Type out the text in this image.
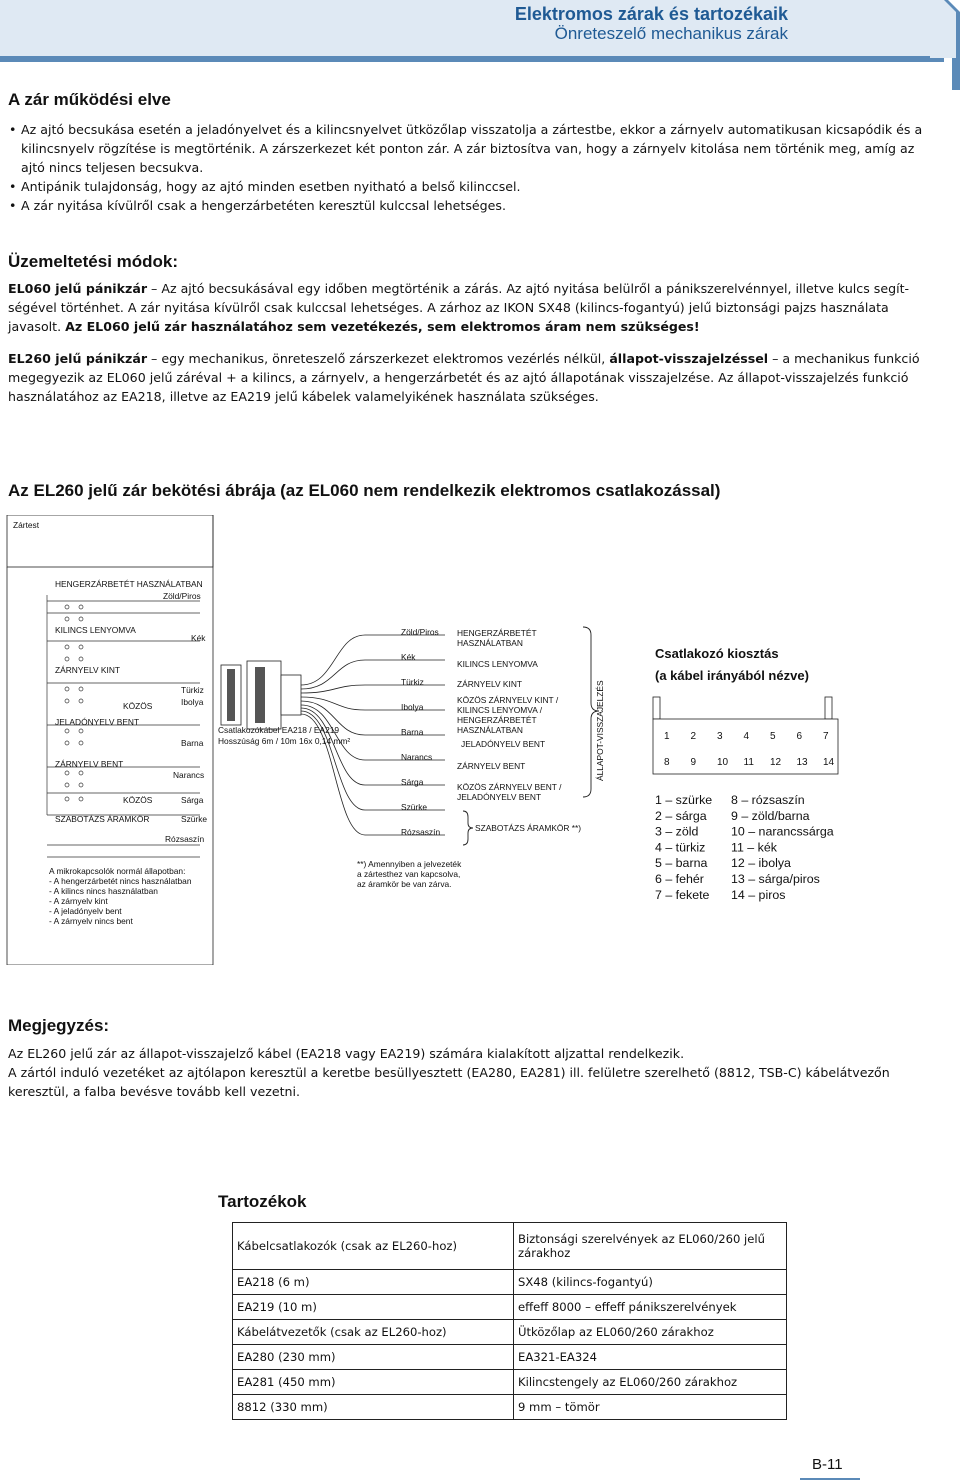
Elektromos zárak és tartozékaik
Önreteszelő mechanikus zárak
A zár működési elve
• Az ajtó becsukása esetén a jeladónyelvet és a kilincsnyelvet ütközőlap visszatolja a zártestbe, ekkor a zárnyelv automatikusan kicsapódik és a kilincsnyelv rögzítése is megtörténik. A zárszerkezet két ponton zár. A zár biztosítva van, hogy a zárnyelv kitolása nem történik meg, amíg az ajtó nincs teljesen becsukva.
• Antipánik tulajdonság, hogy az ajtó minden esetben nyitható a belső kilinccsel.
• A zár nyitása kívülről csak a hengerzárbetéten keresztül kulccsal lehetséges.
Üzemeltetési módok:
EL060 jelű pánikzár – Az ajtó becsukásával egy időben megtörténik a zárás. Az ajtó nyitása belülről a pánikszerelvénnyel, illetve kulcs segítségével történhet. A zár nyitása kívülről csak kulccsal lehetséges. A zárhoz az IKON SX48 (kilincs-fogantyú) jelű biztonsági pajzs használata javasolt. Az EL060 jelű zár használatához sem vezetékezés, sem elektromos áram nem szükséges!
EL260 jelű pánikzár – egy mechanikus, önreteszelő zárszerkezet elektromos vezérlés nélkül, állapot-visszajelzéssel – a mechanikus funkció megegyezik az EL060 jelű záréval + a kilincs, a zárnyelv, a hengerzárbetét és az ajtó állapotának visszajelzése. Az állapot-visszajelzés funkció használatához az EA218, illetve az EA219 jelű kábelek valamelyikének használata szükséges.
Az EL260 jelű zár bekötési ábrája (az EL060 nem rendelkezik elektromos csatlakozással)
Zártest
HENGERZÁRBETÉT HASZNÁLATBAN
Zöld/Piros
KILINCS LENYOMVA
Kék
ZÁRNYELV KINT
Türkiz
KÖZÖS	Ibolya
JELADÓNYELV BENT
Barna
ZÁRNYELV BENT
Narancs
KÖZÖS	Sárga
SZABOTÁZS ÁRAMKÖR	Szürke
Rózsaszín
A mikrokapcsolók normál állapotban:
- A hengerzárbetét nincs használatban
- A kilincs nincs használatban
- A zárnyelv kint
- A jeladónyelv bent
- A zárnyelv nincs bent
Csatlakozókábel EA218 / EA219
Hosszúság 6m / 10m 16x 0,14 mm²
Zöld/Piros
Kék
Türkiz
Ibolya
Barna
Narancs
Sárga
Szürke
Rózsaszín
HENGERZÁRBETÉT
HASZNÁLATBAN
KILINCS LENYOMVA
ZÁRNYELV KINT
KÖZÖS ZÁRNYELV KINT /
KILINCS LENYOMVA /
HENGERZÁRBETÉT
HASZNÁLATBAN
JELADÓNYELV BENT
ZÁRNYELV BENT
KÖZÖS ZÁRNYELV BENT /
JELADÓNYELV BENT
SZABOTÁZS ÁRAMKÖR **)
ÁLLAPOT-VISSZAJELZÉS
**) Amennyiben a jelvezeték
a zártesthez van kapcsolva,
az áramkör be van zárva.
Csatlakozó kiosztás
(a kábel irányából nézve)
1 2 3 4 5 6 7
8 9 10 11 12 13 14
1 – szürke
2 – sárga
3 – zöld
4 – türkiz
5 – barna
6 – fehér
7 – fekete
8 – rózsaszín
9 – zöld/barna
10 – narancssárga
11 – kék
12 – ibolya
13 – sárga/piros
14 – piros
Megjegyzés:
Az EL260 jelű zár az állapot-visszajelző kábel (EA218 vagy EA219) számára kialakított aljzattal rendelkezik.
A zártól induló vezetéket az ajtólapon keresztül a keretbe besüllyesztett (EA280, EA281) ill. felületre szerelhető (8812, TSB-C) kábelátvezőn keresztül, a falba bevésve tovább kell vezetni.
Tartozékok
Kábelcsatlakozók (csak az EL260-hoz)	Biztonsági szerelvények az EL060/260 jelű zárakhoz
EA218 (6 m)	SX48 (kilincs-fogantyú)
EA219 (10 m)	effeff 8000 – effeff pánikszerelvények
Kábelátvezetők (csak az EL260-hoz)	Ütközőlap az EL060/260 zárakhoz
EA280 (230 mm)	EA321-EA324
EA281 (450 mm)	Kilincstengely az EL060/260 zárakhoz
8812 (330 mm)	9 mm – tömör
B-11
